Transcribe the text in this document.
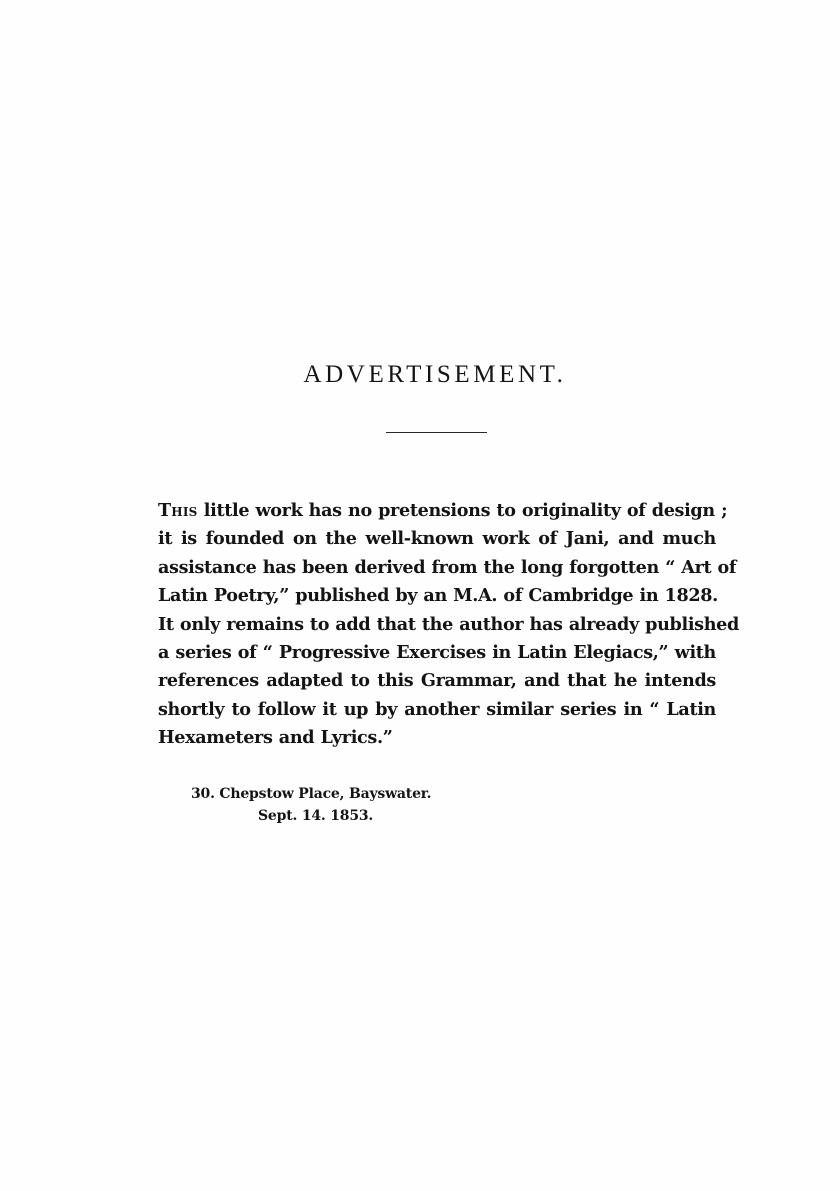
ADVERTISEMENT.

This little work has no pretensions to originality of design ;
it is founded on the well-known work of Jani, and much
assistance has been derived from the long forgotten “ Art of
Latin Poetry,” published by an M.A. of Cambridge in 1828.
It only remains to add that the author has already published
a series of “ Progressive Exercises in Latin Elegiacs,” with
references adapted to this Grammar, and that he intends
shortly to follow it up by another similar series in “ Latin
Hexameters and Lyrics.”

30. Chepstow Place, Bayswater.

Sept. 14. 1853.
